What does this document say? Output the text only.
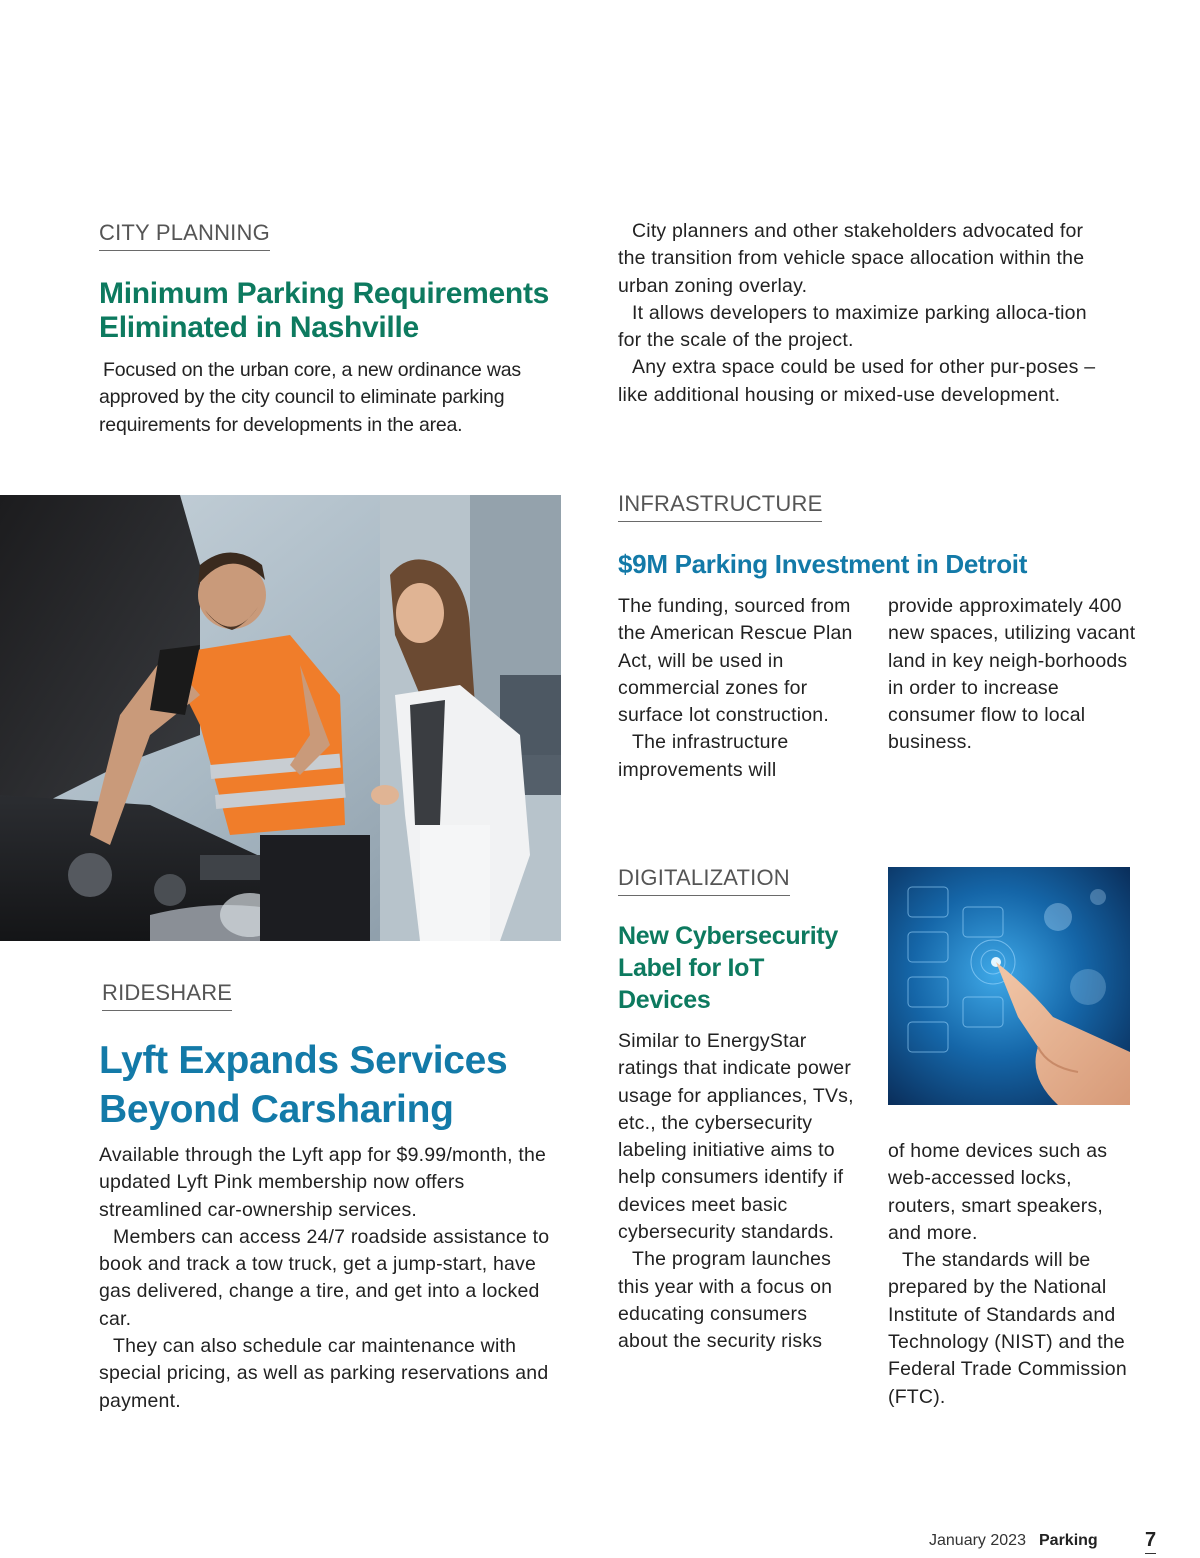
CITY PLANNING
Minimum Parking Requirements
Eliminated in Nashville

Focused on the urban core, a new ordinance was approved by the city council to eliminate parking requirements for developments in the area.

City planners and other stakeholders advocated for the transition from vehicle space allocation within the urban zoning overlay.

It allows developers to maximize parking alloca-tion for the scale of the project.

Any extra space could be used for other pur-poses – like additional housing or mixed-use development.

INFRASTRUCTURE
$9M Parking Investment in Detroit

The funding, sourced from the American Rescue Plan Act, will be used in commercial zones for surface lot construction.

The infrastructure improvements will

provide approximately 400 new spaces, utilizing vacant land in key neigh-borhoods in order to increase consumer flow to local business.

RIDESHARE
Lyft Expands Services
Beyond Carsharing

Available through the Lyft app for $9.99/month, the updated Lyft Pink membership now offers streamlined car-ownership services.

Members can access 24/7 roadside assistance to book and track a tow truck, get a jump-start, have gas delivered, change a tire, and get into a locked car.

They can also schedule car maintenance with special pricing, as well as parking reservations and payment.

DIGITALIZATION
New Cybersecurity
Label for IoT
Devices

Similar to EnergyStar ratings that indicate power usage for appliances, TVs, etc., the cybersecurity labeling initiative aims to help consumers identify if devices meet basic cybersecurity standards.

The program launches this year with a focus on educating consumers about the security risks

of home devices such as web-accessed locks, routers, smart speakers, and more.

The standards will be prepared by the National Institute of Standards and Technology (NIST) and the Federal Trade Commission (FTC).

January 2023 Parking 7
